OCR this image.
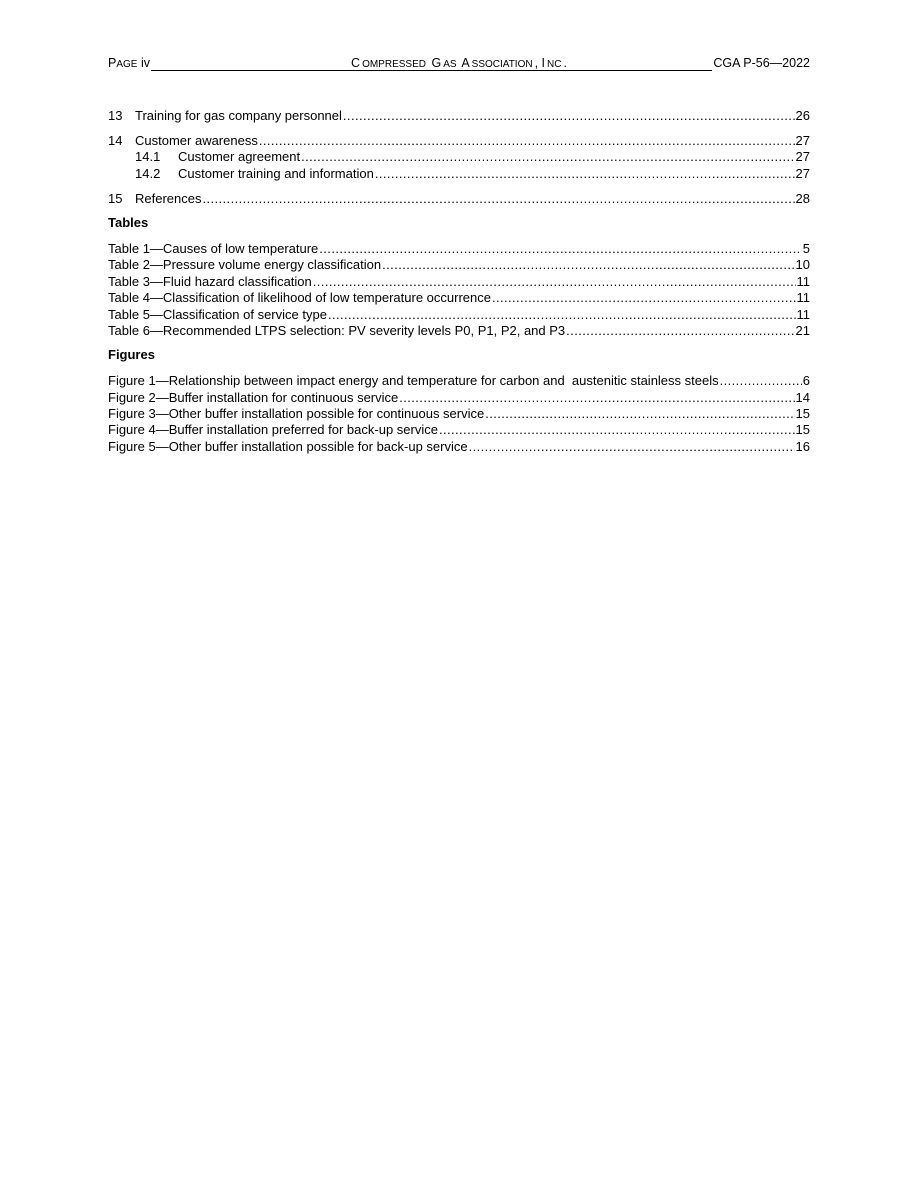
PAGE iv	C OMPRESSED G AS A SSOCIATION , I NC .	CGA P-56—2022
13 Training for gas company personnel .....	26
14 Customer awareness .....	27
14.1	Customer agreement .....	27
14.2	Customer training and information .....	27
15 References .....	28
Tables
Table 1—Causes of low temperature .....	5
Table 2—Pressure volume energy classification .....	10
Table 3—Fluid hazard classification .....	11
Table 4—Classification of likelihood of low temperature occurrence .....	11
Table 5—Classification of service type .....	11
Table 6—Recommended LTPS selection: PV severity levels P0, P1, P2, and P3 .....	21
Figures
Figure 1—Relationship between impact energy and temperature for carbon and  austenitic stainless steels .....	6
Figure 2—Buffer installation for continuous service .....	14
Figure 3—Other buffer installation possible for continuous service .....	15
Figure 4—Buffer installation preferred for back-up service .....	15
Figure 5—Other buffer installation possible for back-up service .....	16
